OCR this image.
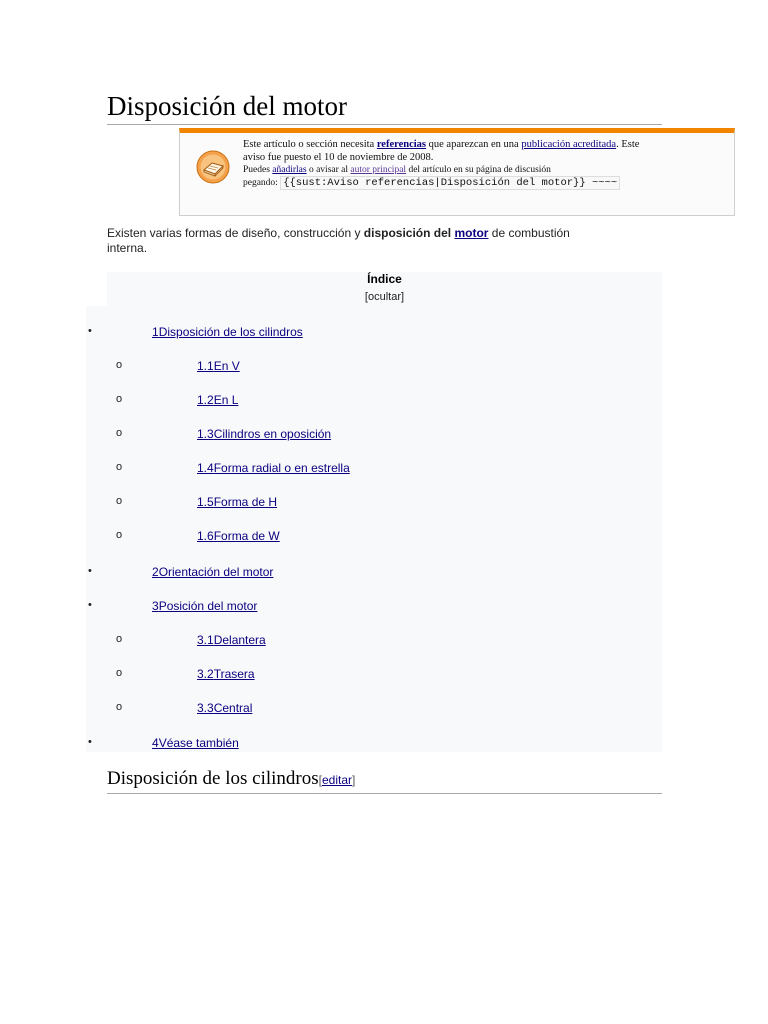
Disposición del motor
Este artículo o sección necesita referencias que aparezcan en una publicación acreditada. Este
aviso fue puesto el 10 de noviembre de 2008.
Puedes añadirlas o avisar al autor principal del artículo en su página de discusión
pegando: {{sust:Aviso referencias|Disposición del motor}} ~~~~
Existen varias formas de diseño, construcción y disposición del motor de combustión
interna.
Índice
[ocultar]
•	1Disposición de los cilindros
o	1.1En V
o	1.2En L
o	1.3Cilindros en oposición
o	1.4Forma radial o en estrella
o	1.5Forma de H
o	1.6Forma de W
•	2Orientación del motor
•	3Posición del motor
o	3.1Delantera
o	3.2Trasera
o	3.3Central
•	4Véase también
Disposición de los cilindros[editar]
